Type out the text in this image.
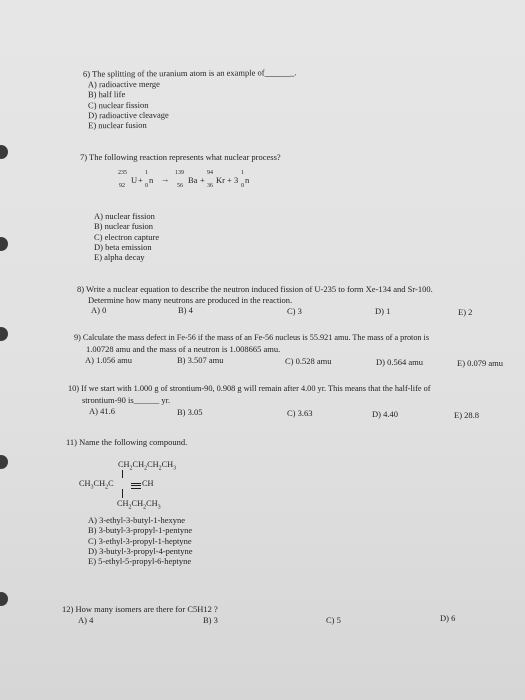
6) The splitting of the uranium atom is an example of_______.
A) radioactive merge
B) half life
C) nuclear fission
D) radioactive cleavage
E) nuclear fusion
7) The following reaction represents what nuclear process?
235
92
U +
1
0
n →
139
56
Ba +
94
36
Kr + 3
1
0
n
A) nuclear fission
B) nuclear fusion
C) electron capture
D) beta emission
E) alpha decay
8) Write a nuclear equation to describe the neutron induced fission of U-235 to form Xe-134 and Sr-100.
Determine how many neutrons are produced in the reaction.
A) 0	B) 4	C) 3	D) 1	E) 2
9) Calculate the mass defect in Fe-56 if the mass of an Fe-56 nucleus is 55.921 amu. The mass of a proton is
1.00728 amu and the mass of a neutron is 1.008665 amu.
A) 1.056 amu	B) 3.507 amu	C) 0.528 amu	D) 0.564 amu	E) 0.079 amu
10) If we start with 1.000 g of strontium-90, 0.908 g will remain after 4.00 yr. This means that the half-life of
strontium-90 is______ yr.
A) 41.6	B) 3.05	C) 3.63	D) 4.40	E) 28.8
11) Name the following compound.
$CH_2CH_2CH_2CH_3$
$CH_3CH_2C$	CH
$CH_2CH_2CH_3$
A) 3-ethyl-3-butyl-1-hexyne
B) 3-butyl-3-propyl-1-pentyne
C) 3-ethyl-3-propyl-1-heptyne
D) 3-butyl-3-propyl-4-pentyne
E) 5-ethyl-5-propyl-6-heptyne
12) How many isomers are there for C5H12 ?
A) 4	B) 3	C) 5	D) 6
